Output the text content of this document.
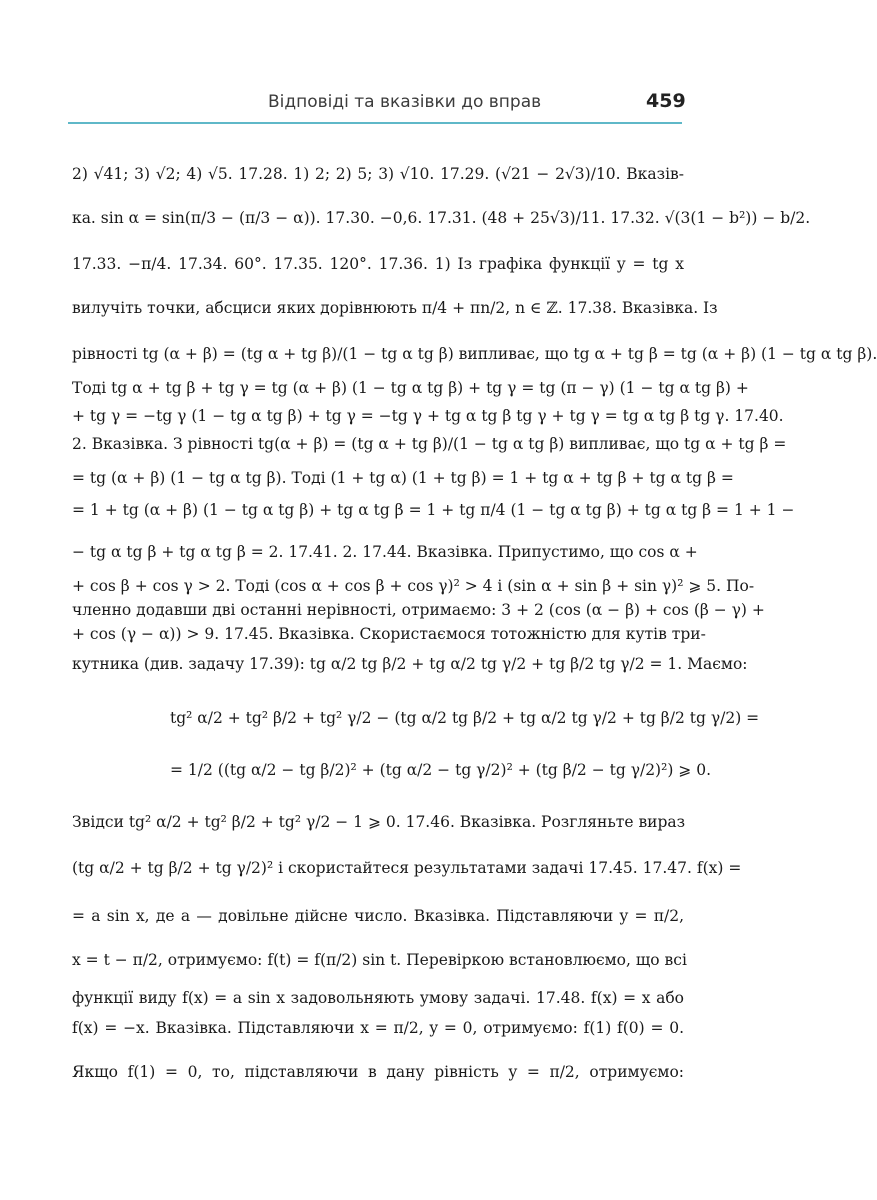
Відповіді та вказівки до вправ	459
2) √41; 3) √2; 4) √5. 17.28. 1) 2; 2) 5; 3) √10. 17.29. (√21 − 2√3)/10. Вказів-
ка. sin α = sin(π/3 − (π/3 − α)). 17.30. −0,6. 17.31. (48 + 25√3)/11. 17.32. √(3(1 − b²)) − b/2.
17.33. −π/4. 17.34. 60°. 17.35. 120°. 17.36. 1) Із графіка функції y = tg x
вилучіть точки, абсциси яких дорівнюють π/4 + πn/2, n ∈ ℤ. 17.38. Вказівка. Із
рівності tg (α + β) = (tg α + tg β)/(1 − tg α tg β) випливає, що tg α + tg β = tg (α + β) (1 − tg α tg β).
Тоді tg α + tg β + tg γ = tg (α + β) (1 − tg α tg β) + tg γ = tg (π − γ) (1 − tg α tg β) +
+ tg γ = −tg γ (1 − tg α tg β) + tg γ = −tg γ + tg α tg β tg γ + tg γ = tg α tg β tg γ. 17.40.
2. Вказівка. З рівності tg(α + β) = (tg α + tg β)/(1 − tg α tg β) випливає, що tg α + tg β =
= tg (α + β) (1 − tg α tg β). Тоді (1 + tg α) (1 + tg β) = 1 + tg α + tg β + tg α tg β =
= 1 + tg (α + β) (1 − tg α tg β) + tg α tg β = 1 + tg π/4 (1 − tg α tg β) + tg α tg β = 1 + 1 −
− tg α tg β + tg α tg β = 2. 17.41. 2. 17.44. Вказівка. Припустимо, що cos α +
+ cos β + cos γ > 2. Тоді (cos α + cos β + cos γ)² > 4 і (sin α + sin β + sin γ)² ⩾ 5. По-
членно додавши дві останні нерівності, отримаємо: 3 + 2 (cos (α − β) + cos (β − γ) +
+ cos (γ − α)) > 9. 17.45. Вказівка. Скористаємося тотожністю для кутів три-
кутника (див. задачу 17.39): tg α/2 tg β/2 + tg α/2 tg γ/2 + tg β/2 tg γ/2 = 1. Маємо:
tg² α/2 + tg² β/2 + tg² γ/2 − (tg α/2 tg β/2 + tg α/2 tg γ/2 + tg β/2 tg γ/2) =
= 1/2 ((tg α/2 − tg β/2)² + (tg α/2 − tg γ/2)² + (tg β/2 − tg γ/2)²) ⩾ 0.
Звідси tg² α/2 + tg² β/2 + tg² γ/2 − 1 ⩾ 0. 17.46. Вказівка. Розгляньте вираз
(tg α/2 + tg β/2 + tg γ/2)² і скористайтеся результатами задачі 17.45. 17.47. f(x) =
= a sin x, де a — довільне дійсне число. Вказівка. Підставляючи y = π/2,
x = t − π/2, отримуємо: f(t) = f(π/2) sin t. Перевіркою встановлюємо, що всі
функції виду f(x) = a sin x задовольняють умову задачі. 17.48. f(x) = x або
f(x) = −x. Вказівка. Підставляючи x = π/2, y = 0, отримуємо: f(1) f(0) = 0.
Якщо f(1) = 0, то, підставляючи в дану рівність y = π/2, отримуємо:
